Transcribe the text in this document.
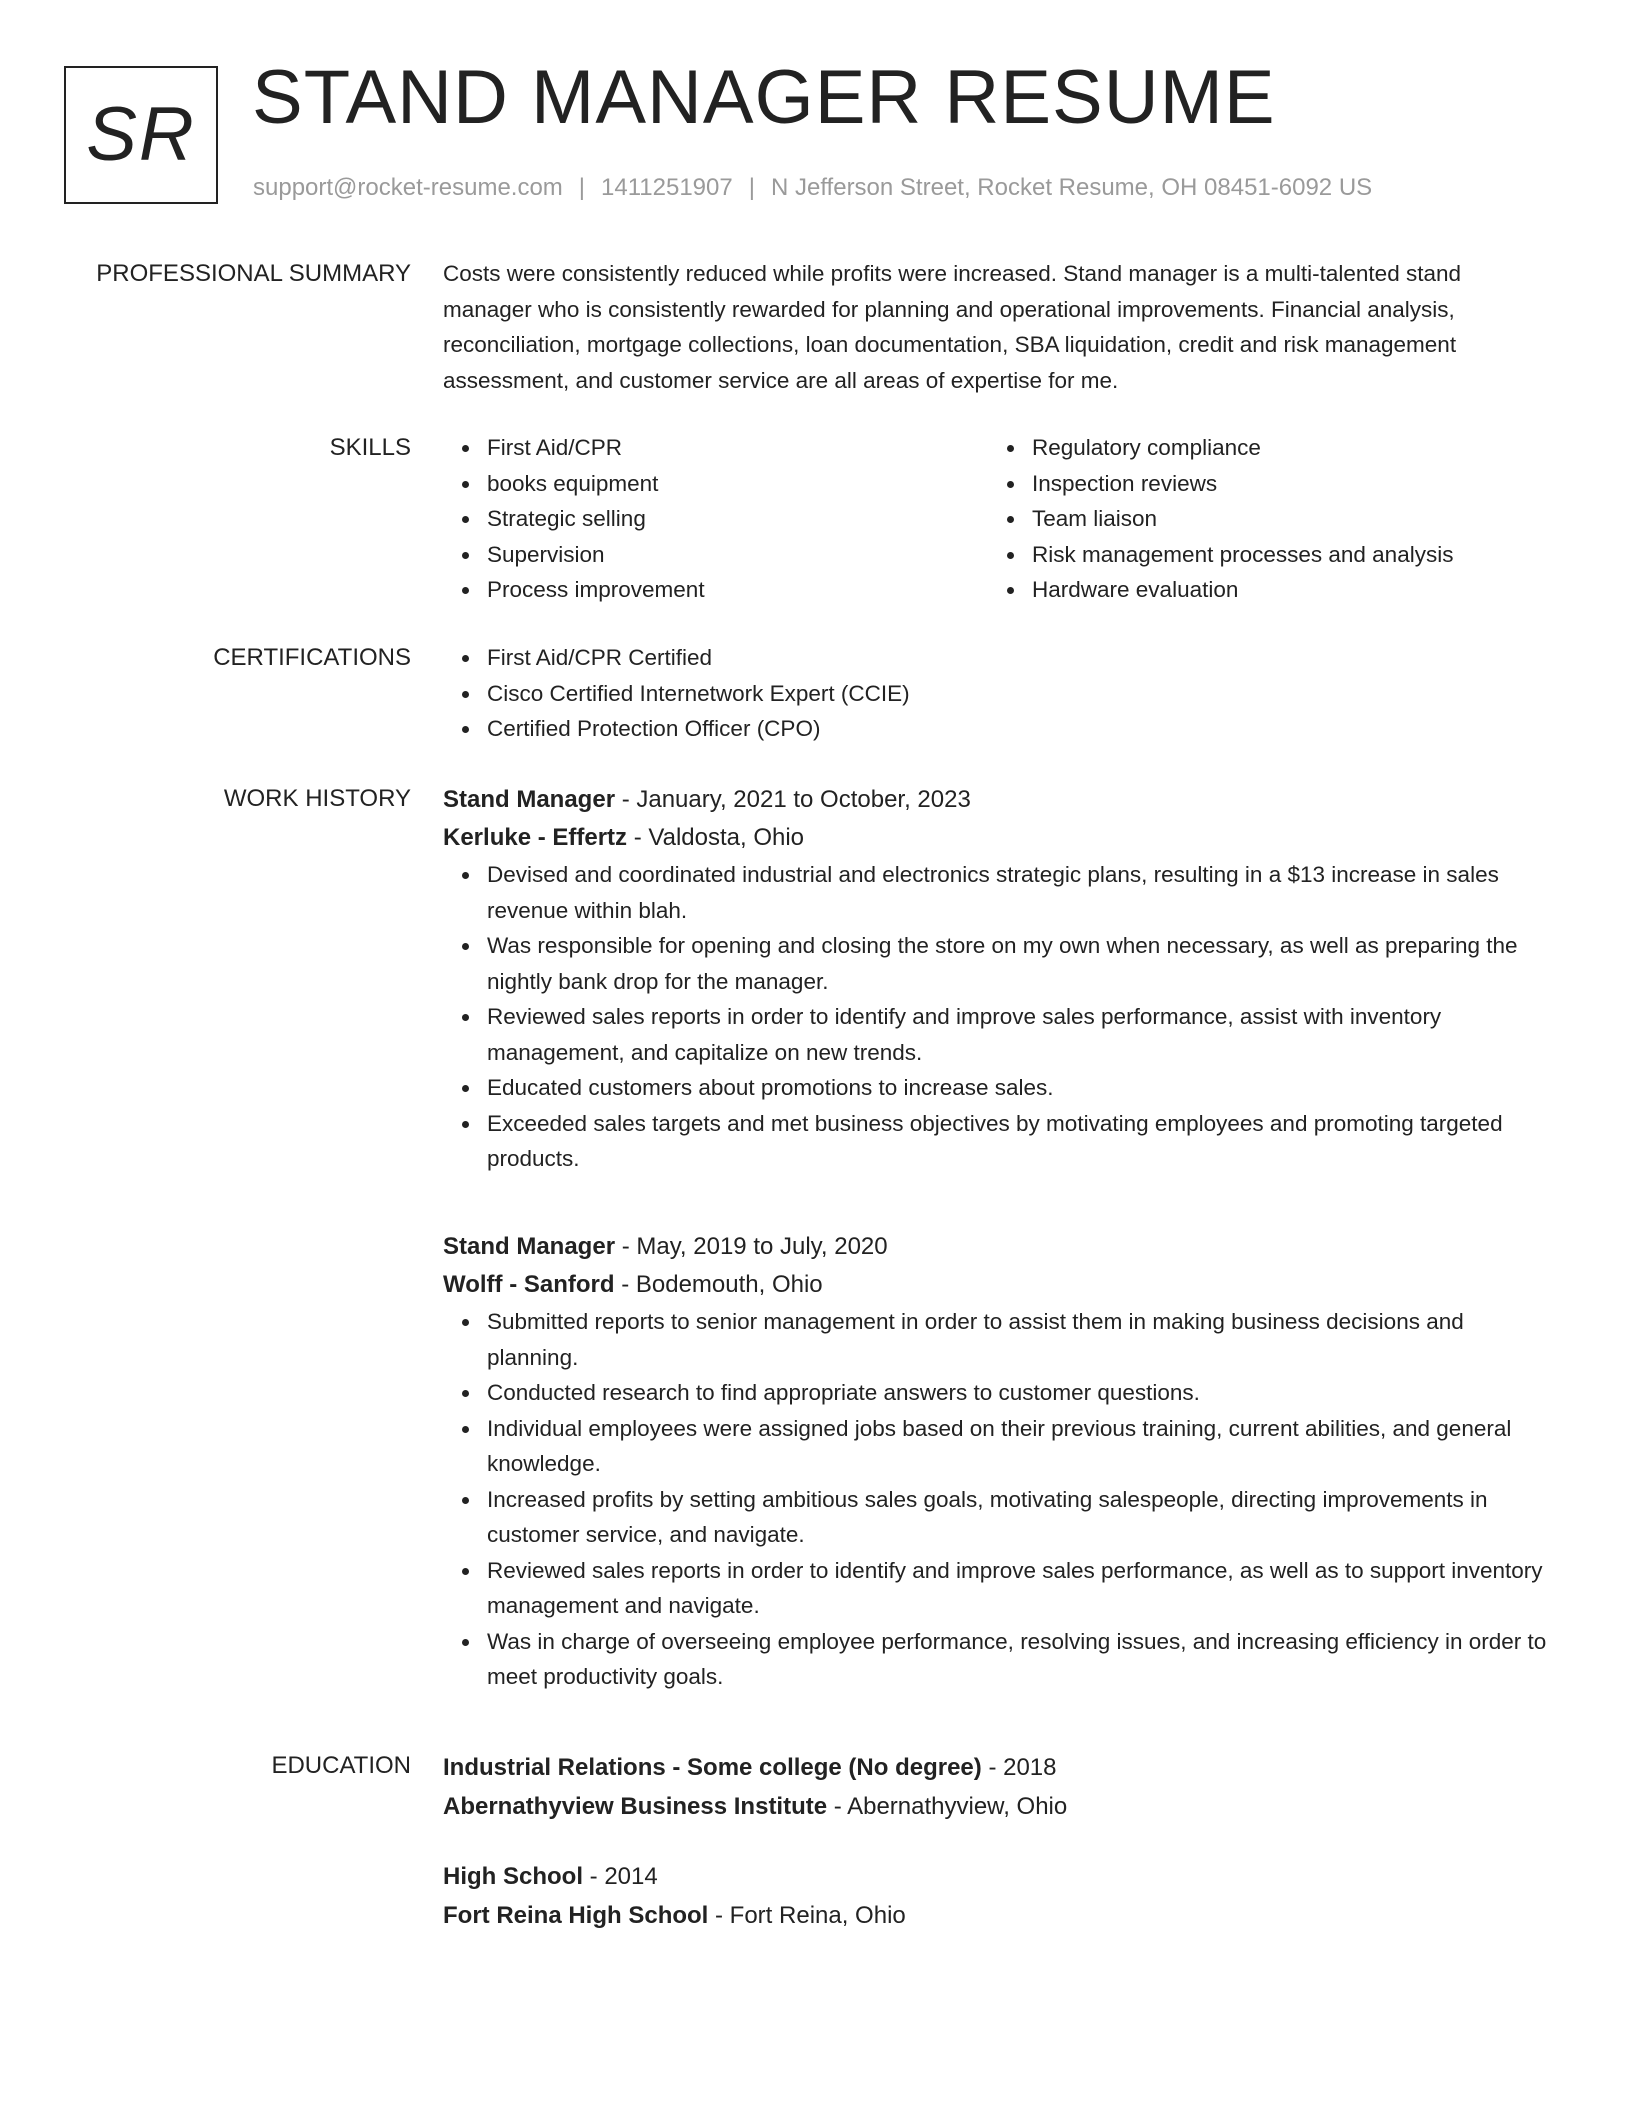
SR STAND MANAGER RESUME
support@rocket-resume.com | 1411251907 | N Jefferson Street, Rocket Resume, OH 08451-6092 US
PROFESSIONAL SUMMARY Costs were consistently reduced while profits were increased. Stand manager is a multi-talented stand manager who is consistently rewarded for planning and operational improvements. Financial analysis, reconciliation, mortgage collections, loan documentation, SBA liquidation, credit and risk management assessment, and customer service are all areas of expertise for me.

SKILLS	First Aid/CPR
books equipment
Strategic selling
Supervision
Process improvement
Regulatory compliance
Inspection reviews
Team liaison
Risk management processes and analysis
Hardware evaluation
CERTIFICATIONS	First Aid/CPR Certified
Cisco Certified Internetwork Expert (CCIE)
Certified Protection Officer (CPO)
WORK HISTORY Stand Manager - January, 2021 to October, 2023
Kerluke - Effertz - Valdosta, Ohio
Devised and coordinated industrial and electronics strategic plans, resulting in a $13 increase in sales revenue within blah.
Was responsible for opening and closing the store on my own when necessary, as well as preparing the nightly bank drop for the manager.
Reviewed sales reports in order to identify and improve sales performance, assist with inventory management, and capitalize on new trends.
Educated customers about promotions to increase sales.
Exceeded sales targets and met business objectives by motivating employees and promoting targeted products.
Stand Manager - May, 2019 to July, 2020
Wolff - Sanford - Bodemouth, Ohio
Submitted reports to senior management in order to assist them in making business decisions and planning.
Conducted research to find appropriate answers to customer questions.
Individual employees were assigned jobs based on their previous training, current abilities, and general knowledge.
Increased profits by setting ambitious sales goals, motivating salespeople, directing improvements in customer service, and navigate.
Reviewed sales reports in order to identify and improve sales performance, as well as to support inventory management and navigate.
Was in charge of overseeing employee performance, resolving issues, and increasing efficiency in order to meet productivity goals.
EDUCATION Industrial Relations - Some college (No degree) - 2018
Abernathyview Business Institute - Abernathyview, Ohio
High School - 2014
Fort Reina High School - Fort Reina, Ohio
